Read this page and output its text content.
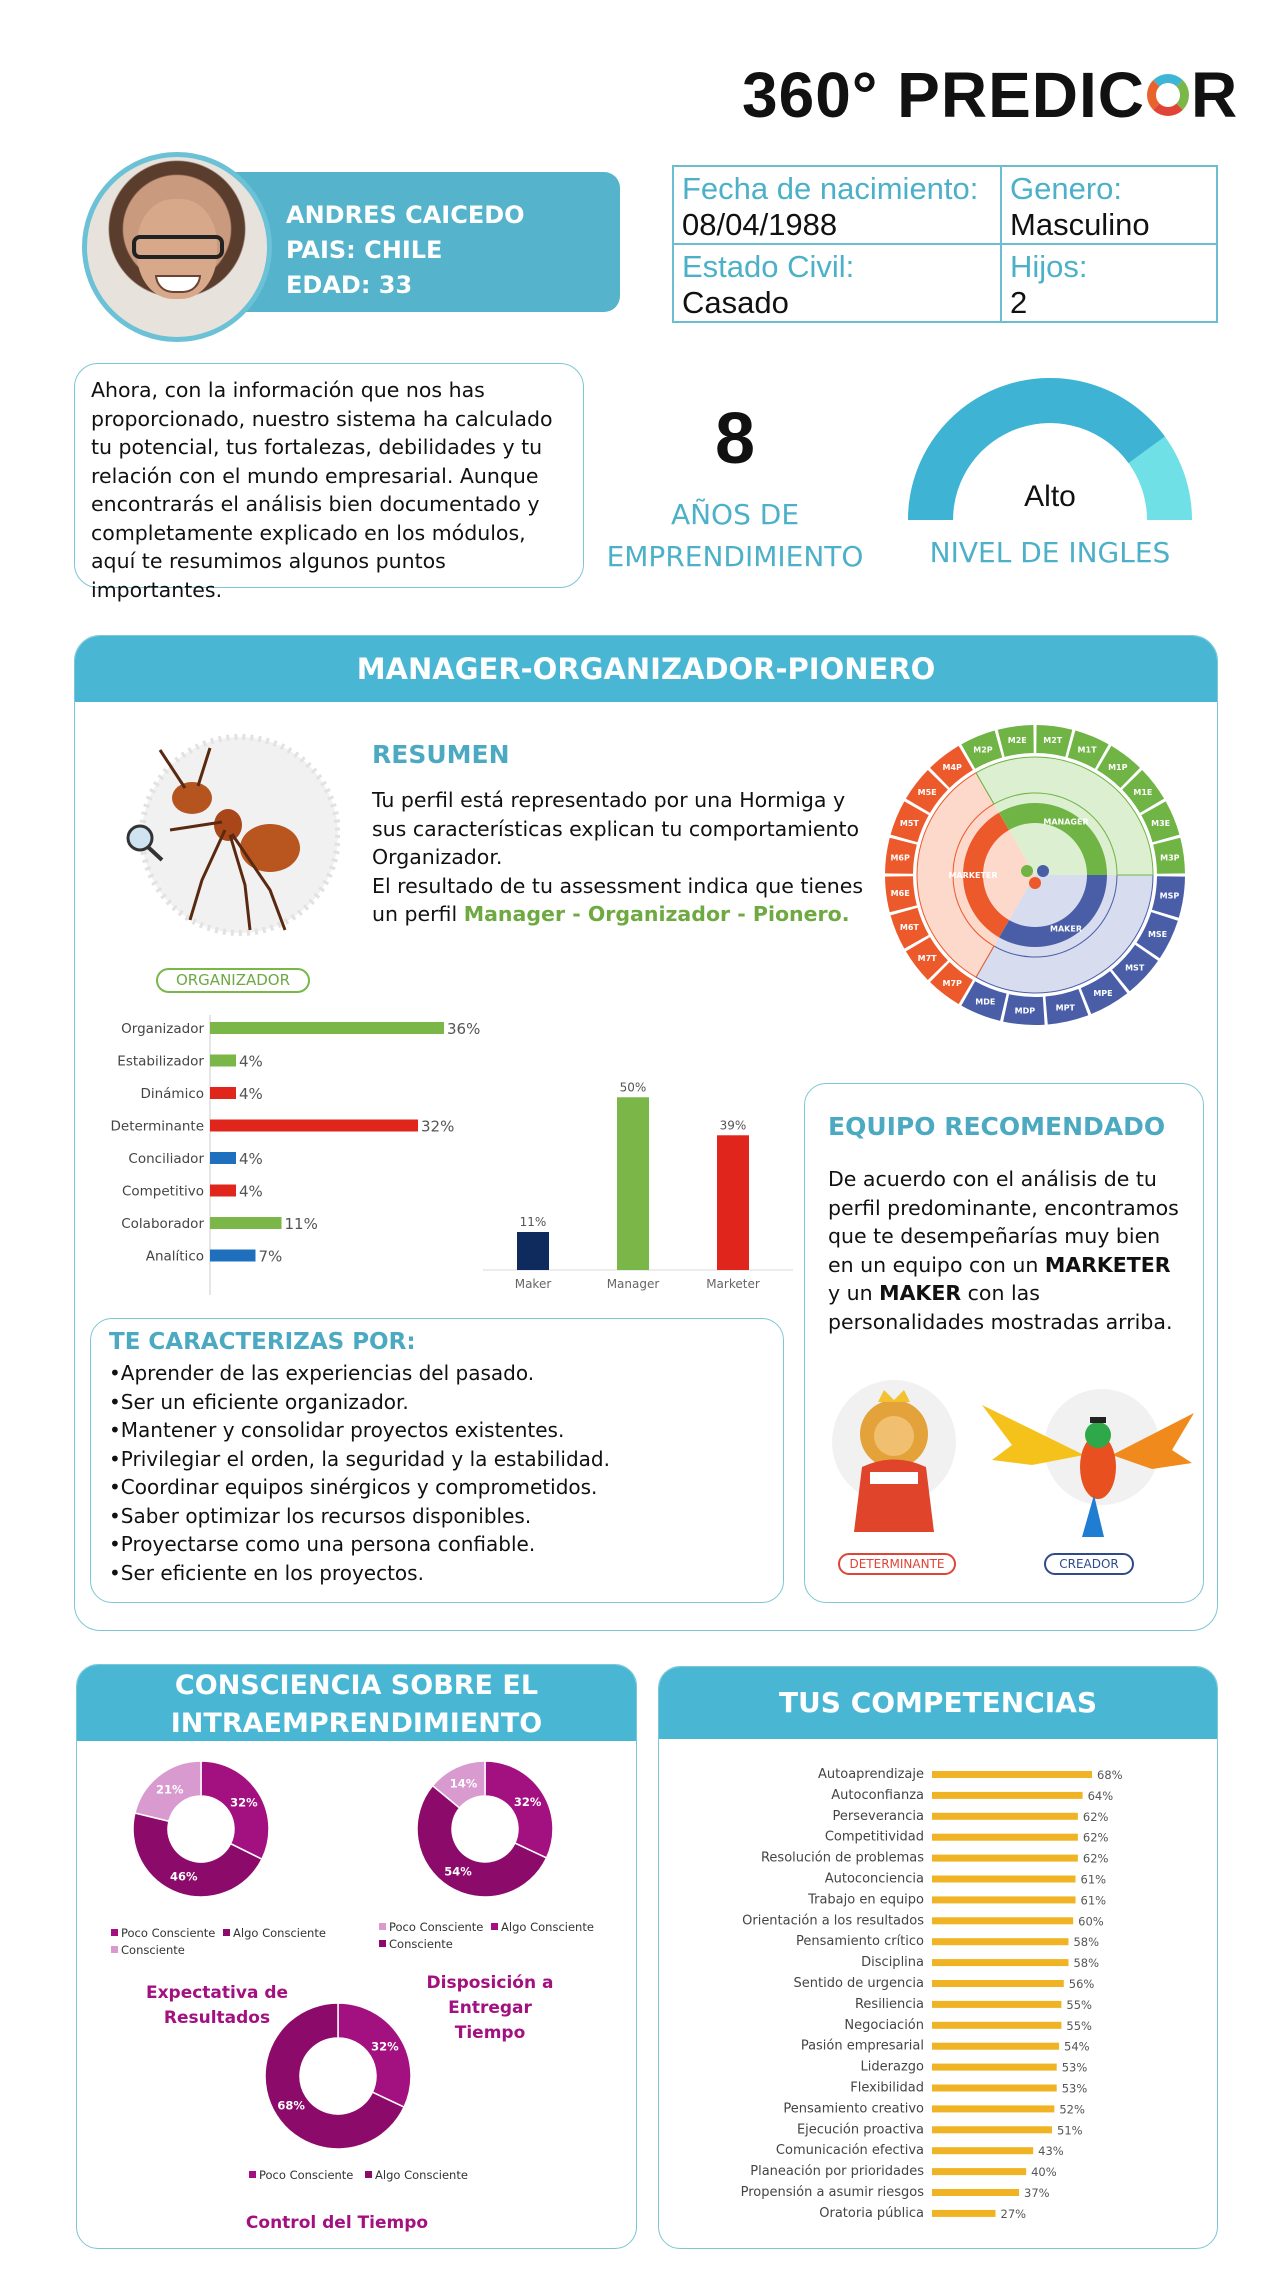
360° PREDIC R
ANDRES CAICEDO
PAIS: CHILE
EDAD: 33
Fecha de nacimiento:
08/04/1988
Genero:
Masculino
Estado Civil:
Casado
Hijos:
2
Ahora, con la información que nos has proporcionado, nuestro sistema ha calculado tu potencial, tus fortalezas, debilidades y tu relación con el mundo empresarial. Aunque encontrarás el análisis bien documentado y completamente explicado en los módulos, aquí te resumimos algunos puntos importantes.
8
AÑOS DE
EMPRENDIMIENTO
Alto
NIVEL DE INGLES
MANAGER-ORGANIZADOR-PIONERO
ORGANIZADOR
RESUMEN
Tu perfil está representado por una Hormiga y sus características explican tu comportamiento Organizador.
El resultado de tu assessment indica que tienes un perfil Manager - Organizador - Pionero.
MSP
MSE
MST
MPE
MPT
MDP
MDE
MAKER
M7P
M7T
M6T
M6E
M6P
M5T
M5E
M4P
MARKETER
M2P
M2E M2T
M1T
M1P
M1E
M3E
M3P
MANAGER
Organizador	36%
Estabilizador 4%
Dinámico 4%
Determinante	32%
Conciliador 4%
Competitivo 4%
Colaborador	11%
Analítico	7%
11%
Maker
50%
Manager
39%
Marketer
EQUIPO RECOMENDADO
De acuerdo con el análisis de tu perfil predominante, encontramos que te desempeñarías muy bien en un equipo con un MARKETER y un MAKER con las personalidades mostradas arriba.
DETERMINANTE	CREADOR
TE CARACTERIZAS POR:
•Aprender de las experiencias del pasado.
•Ser un eficiente organizador.
•Mantener y consolidar proyectos existentes.
•Privilegiar el orden, la seguridad y la estabilidad.
•Coordinar equipos sinérgicos y comprometidos.
•Saber optimizar los recursos disponibles.
•Proyectarse como una persona confiable.
•Ser eficiente en los proyectos.
CONSCIENCIA SOBRE EL
INTRAEMPRENDIMIENTO
32%
46%
21%
Poco Consciente Algo Consciente
Consciente
Expectativa de
Resultados
32%
54%
14%
Poco Consciente Algo Consciente
Consciente
Disposición a Entregar
Tiempo
32%
68%
Poco Consciente Algo Consciente
Control del Tiempo
TUS COMPETENCIAS
Autoaprendizaje	68%
Autoconfianza	64%
Perseverancia	62%
Competitividad	62%
Resolución de problemas	62%
Autoconciencia	61%
Trabajo en equipo	61%
Orientación a los resultados	60%
Pensamiento crítico	58%
Disciplina	58%
Sentido de urgencia	56%
Resiliencia	55%
Negociación	55%
Pasión empresarial	54%
Liderazgo	53%
Flexibilidad	53%
Pensamiento creativo	52%
Ejecución proactiva	51%
Comunicación efectiva	43%
Planeación por prioridades	40%
Propensión a asumir riesgos	37%
Oratoria pública	27%
